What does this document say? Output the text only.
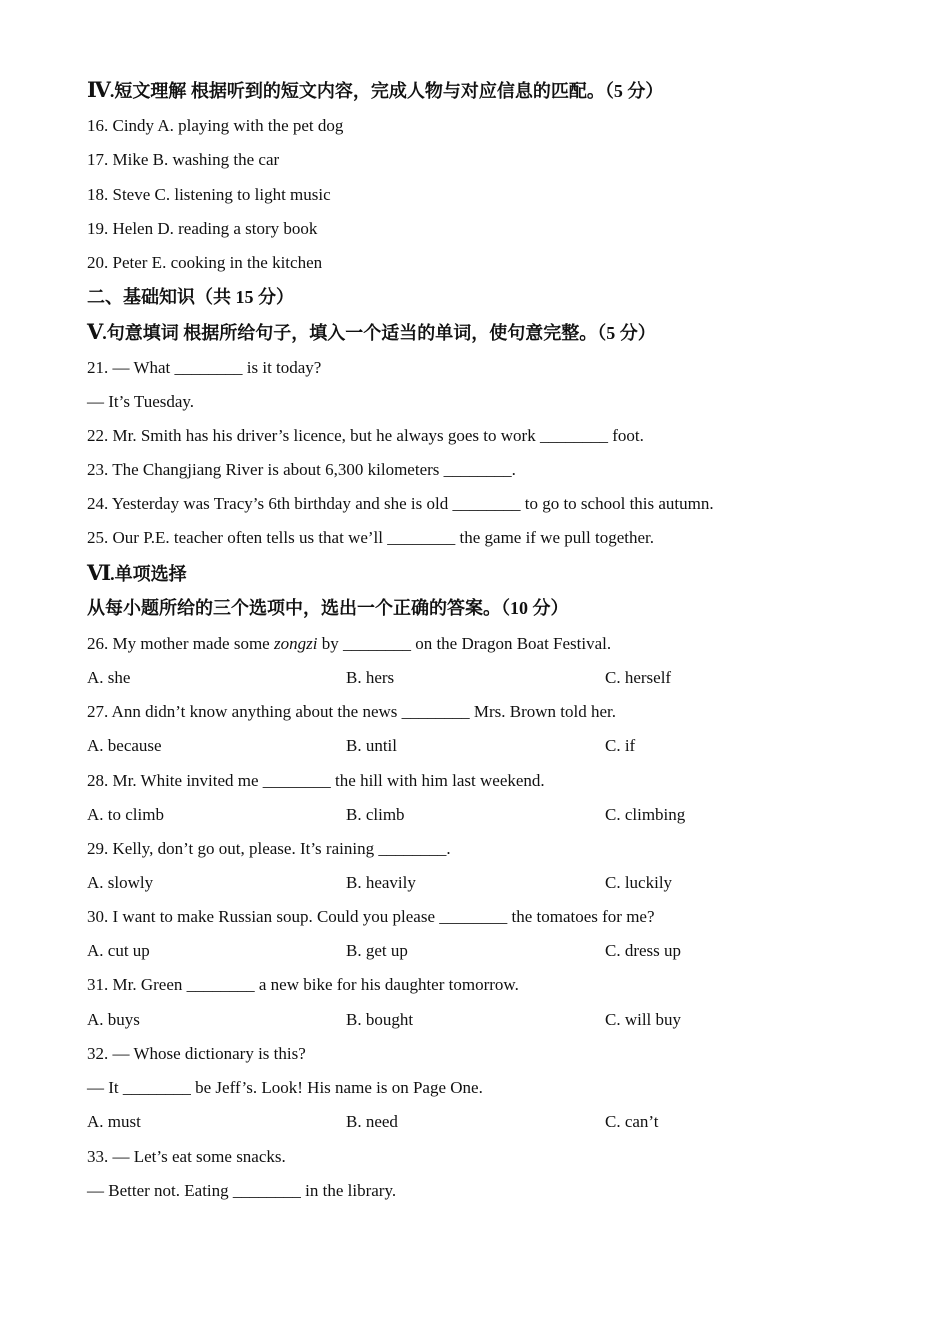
Ⅳ.短文理解 根据听到的短文内容，完成人物与对应信息的匹配。（5 分）
16. Cindy A. playing with the pet dog
17. Mike B. washing the car
18. Steve C. listening to light music
19. Helen D. reading a story book
20. Peter E. cooking in the kitchen
二、基础知识（共 15 分）
Ⅴ.句意填词 根据所给句子，填入一个适当的单词，使句意完整。（5 分）
21. — What ________ is it today?
— It’s Tuesday.
22. Mr. Smith has his driver’s licence, but he always goes to work ________ foot.
23. The Changjiang River is about 6,300 kilometers ________.
24. Yesterday was Tracy’s 6th birthday and she is old ________ to go to school this autumn.
25. Our P.E. teacher often tells us that we’ll ________ the game if we pull together.
Ⅵ.单项选择
从每小题所给的三个选项中，选出一个正确的答案。（10 分）
26. My mother made some zongzi by ________ on the Dragon Boat Festival.
A. she	B. hers	C. herself
27. Ann didn’t know anything about the news ________ Mrs. Brown told her.
A. because	B. until	C. if
28. Mr. White invited me ________ the hill with him last weekend.
A. to climb	B. climb	C. climbing
29. Kelly, don’t go out, please. It’s raining ________.
A. slowly	B. heavily	C. luckily
30. I want to make Russian soup. Could you please ________ the tomatoes for me?
A. cut up	B. get up	C. dress up
31. Mr. Green ________ a new bike for his daughter tomorrow.
A. buys	B. bought	C. will buy
32. — Whose dictionary is this?
— It ________ be Jeff’s. Look! His name is on Page One.
A. must	B. need	C. can’t
33. — Let’s eat some snacks.
— Better not. Eating ________ in the library.
